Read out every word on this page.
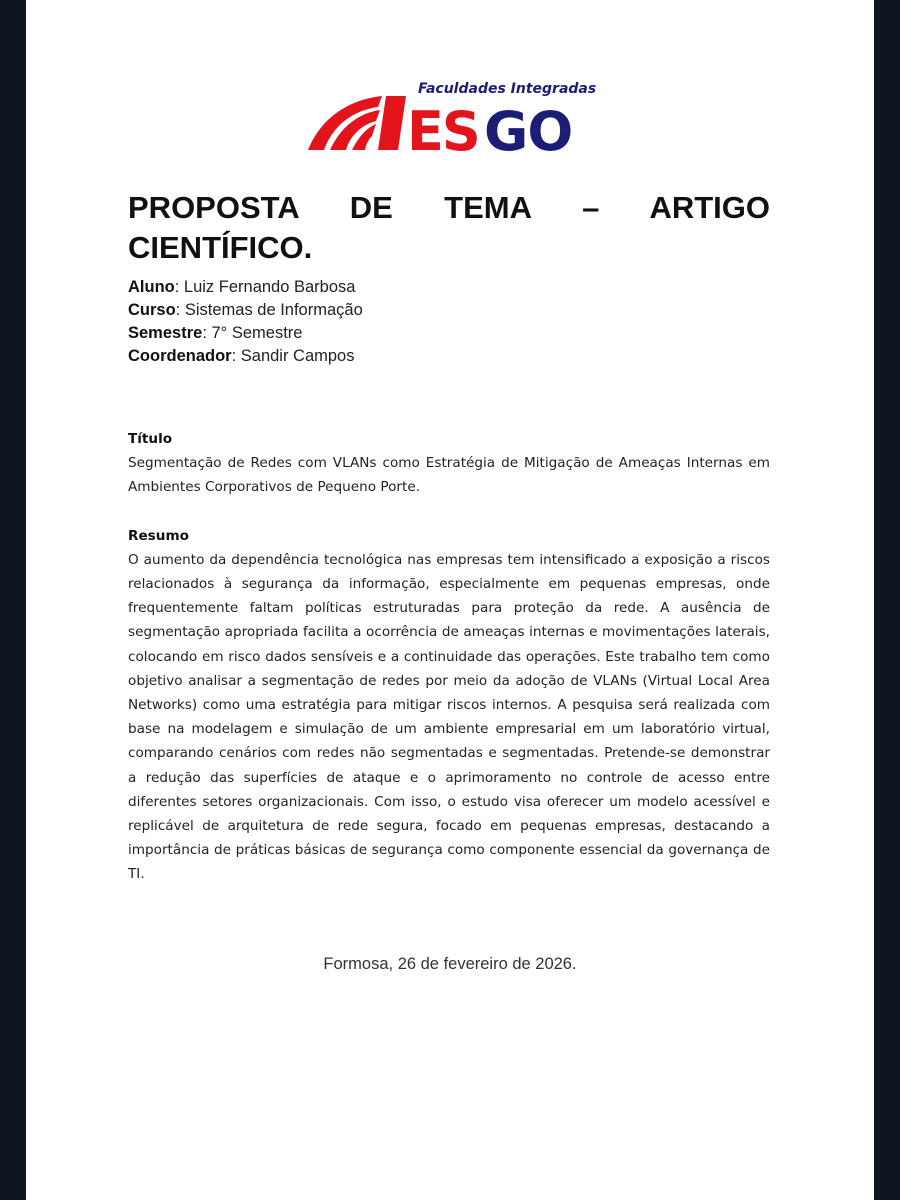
Faculdades Integradas
ES GO
PROPOSTA DE TEMA – ARTIGO
CIENTÍFICO.
Aluno: Luiz Fernando Barbosa
Curso: Sistemas de Informação
Semestre: 7° Semestre
Coordenador: Sandir Campos
Título
Segmentação de Redes com VLANs como Estratégia de Mitigação de Ameaças Internas em Ambientes Corporativos de Pequeno Porte.
Resumo
O aumento da dependência tecnológica nas empresas tem intensificado a exposição a riscos relacionados à segurança da informação, especialmente em pequenas empresas, onde frequentemente faltam políticas estruturadas para proteção da rede. A ausência de segmentação apropriada facilita a ocorrência de ameaças internas e movimentações laterais, colocando em risco dados sensíveis e a continuidade das operações. Este trabalho tem como objetivo analisar a segmentação de redes por meio da adoção de VLANs (Virtual Local Area Networks) como uma estratégia para mitigar riscos internos. A pesquisa será realizada com base na modelagem e simulação de um ambiente empresarial em um laboratório virtual, comparando cenários com redes não segmentadas e segmentadas. Pretende-se demonstrar a redução das superfícies de ataque e o aprimoramento no controle de acesso entre diferentes setores organizacionais. Com isso, o estudo visa oferecer um modelo acessível e replicável de arquitetura de rede segura, focado em pequenas empresas, destacando a importância de práticas básicas de segurança como componente essencial da governança de TI.
Formosa, 26 de fevereiro de 2026.
